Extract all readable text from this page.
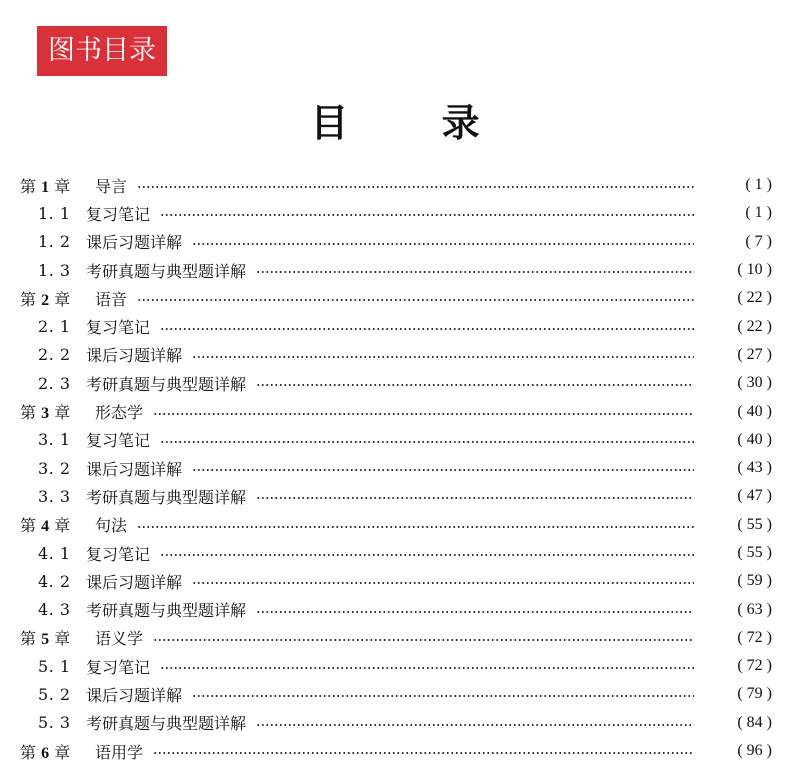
图书目录
目 录
第 1 章	导言	( 1 )
1. 1 复习笔记	( 1 )
1. 2 课后习题详解	( 7 )
1. 3 考研真题与典型题详解	( 10 )
第 2 章	语音	( 22 )
2. 1 复习笔记	( 22 )
2. 2 课后习题详解	( 27 )
2. 3 考研真题与典型题详解	( 30 )
第 3 章	形态学	( 40 )
3. 1 复习笔记	( 40 )
3. 2 课后习题详解	( 43 )
3. 3 考研真题与典型题详解	( 47 )
第 4 章	句法	( 55 )
4. 1 复习笔记	( 55 )
4. 2 课后习题详解	( 59 )
4. 3 考研真题与典型题详解	( 63 )
第 5 章	语义学	( 72 )
5. 1 复习笔记	( 72 )
5. 2 课后习题详解	( 79 )
5. 3 考研真题与典型题详解	( 84 )
第 6 章	语用学	( 96 )
